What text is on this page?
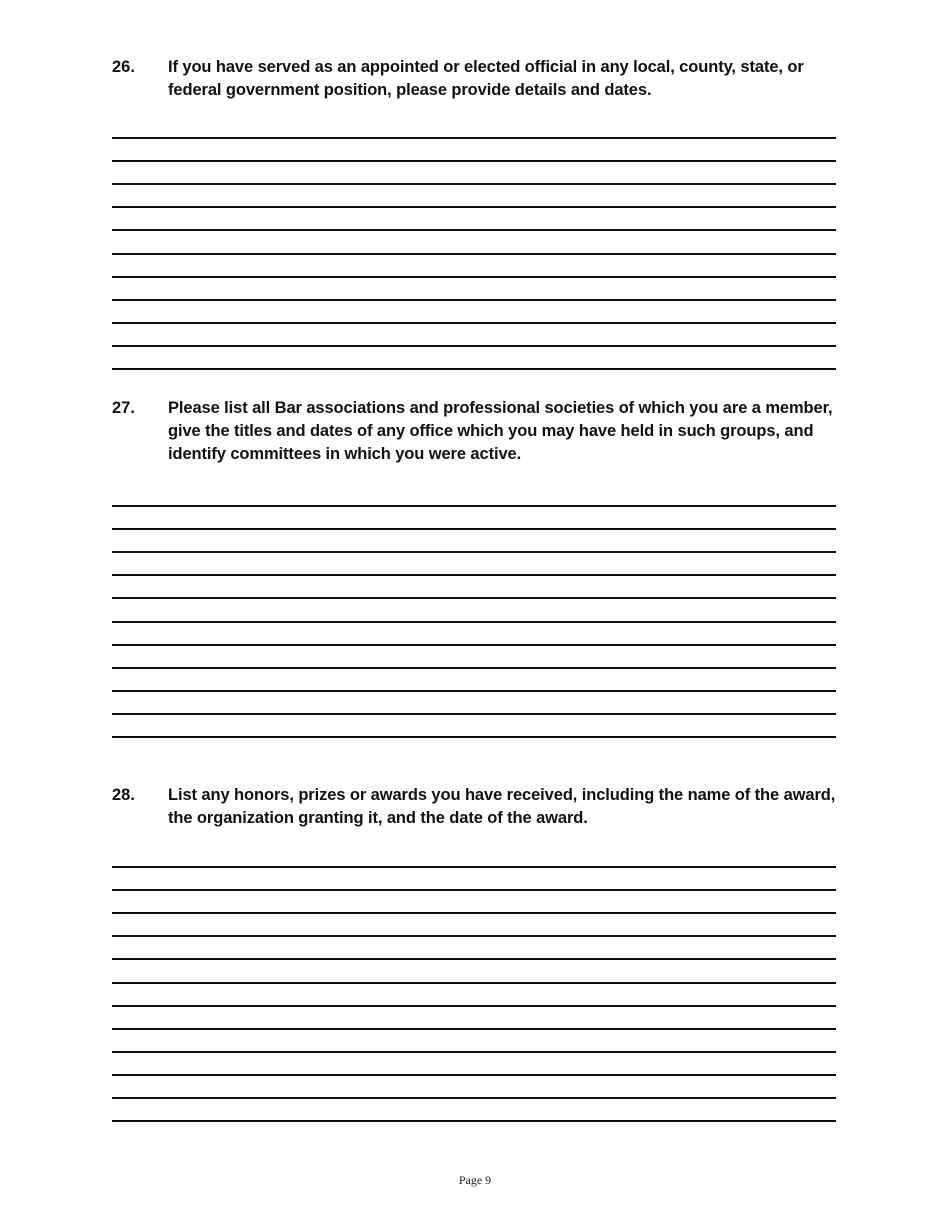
26.	If you have served as an appointed or elected official in any local, county, state, or federal government position, please provide details and dates.
27.	Please list all Bar associations and professional societies of which you are a member, give the titles and dates of any office which you may have held in such groups, and identify committees in which you were active.
28.	List any honors, prizes or awards you have received, including the name of the award, the organization granting it, and the date of the award.
Page 9
